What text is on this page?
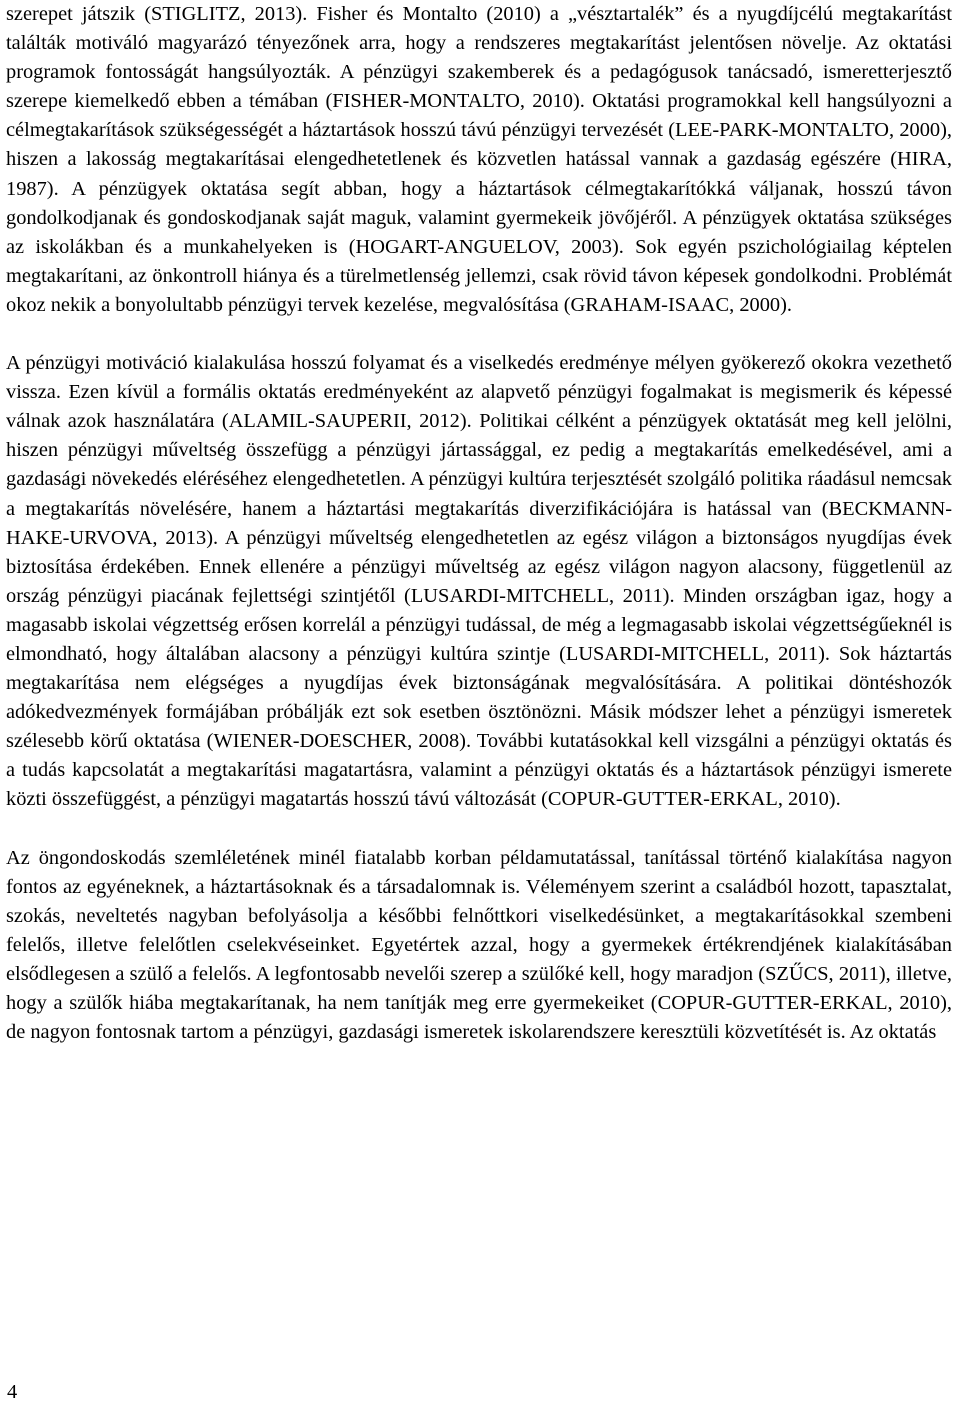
szerepet játszik (STIGLITZ, 2013). Fisher és Montalto (2010) a „vésztartalék” és a nyugdíjcélú megtakarítást találták motiváló magyarázó tényezőnek arra, hogy a rendszeres megtakarítást jelentősen növelje. Az oktatási programok fontosságát hangsúlyozták. A pénzügyi szakemberek és a pedagógusok tanácsadó, ismeretterjesztő szerepe kiemelkedő ebben a témában (FISHER-MONTALTO, 2010). Oktatási programokkal kell hangsúlyozni a célmegtakarítások szükségességét a háztartások hosszú távú pénzügyi tervezését (LEE-PARK-MONTALTO, 2000), hiszen a lakosság megtakarításai elengedhetetlenek és közvetlen hatással vannak a gazdaság egészére (HIRA, 1987). A pénzügyek oktatása segít abban, hogy a háztartások célmegtakarítókká váljanak, hosszú távon gondolkodjanak és gondoskodjanak saját maguk, valamint gyermekeik jövőjéről. A pénzügyek oktatása szükséges az iskolákban és a munkahelyeken is (HOGART-ANGUELOV, 2003). Sok egyén pszichológiailag képtelen megtakarítani, az önkontroll hiánya és a türelmetlenség jellemzi, csak rövid távon képesek gondolkodni. Problémát okoz nekik a bonyolultabb pénzügyi tervek kezelése, megvalósítása (GRAHAM-ISAAC, 2000).

A pénzügyi motiváció kialakulása hosszú folyamat és a viselkedés eredménye mélyen gyökerező okokra vezethető vissza. Ezen kívül a formális oktatás eredményeként az alapvető pénzügyi fogalmakat is megismerik és képessé válnak azok használatára (ALAMIL-SAUPERII, 2012). Politikai célként a pénzügyek oktatását meg kell jelölni, hiszen pénzügyi műveltség összefügg a pénzügyi jártassággal, ez pedig a megtakarítás emelkedésével, ami a gazdasági növekedés eléréséhez elengedhetetlen. A pénzügyi kultúra terjesztését szolgáló politika ráadásul nemcsak a megtakarítás növelésére, hanem a háztartási megtakarítás diverzifikációjára is hatással van (BECKMANN-HAKE-URVOVA, 2013). A pénzügyi műveltség elengedhetetlen az egész világon a biztonságos nyugdíjas évek biztosítása érdekében. Ennek ellenére a pénzügyi műveltség az egész világon nagyon alacsony, függetlenül az ország pénzügyi piacának fejlettségi szintjétől (LUSARDI-MITCHELL, 2011). Minden országban igaz, hogy a magasabb iskolai végzettség erősen korrelál a pénzügyi tudással, de még a legmagasabb iskolai végzettségűeknél is elmondható, hogy általában alacsony a pénzügyi kultúra szintje (LUSARDI-MITCHELL, 2011). Sok háztartás megtakarítása nem elégséges a nyugdíjas évek biztonságának megvalósítására. A politikai döntéshozók adókedvezmények formájában próbálják ezt sok esetben ösztönözni. Másik módszer lehet a pénzügyi ismeretek szélesebb körű oktatása (WIENER-DOESCHER, 2008). További kutatásokkal kell vizsgálni a pénzügyi oktatás és a tudás kapcsolatát a megtakarítási magatartásra, valamint a pénzügyi oktatás és a háztartások pénzügyi ismerete közti összefüggést, a pénzügyi magatartás hosszú távú változását (COPUR-GUTTER-ERKAL, 2010).

Az öngondoskodás szemléletének minél fiatalabb korban példamutatással, tanítással történő kialakítása nagyon fontos az egyéneknek, a háztartásoknak és a társadalomnak is. Véleményem szerint a családból hozott, tapasztalat, szokás, neveltetés nagyban befolyásolja a későbbi felnőttkori viselkedésünket, a megtakarításokkal szembeni felelős, illetve felelőtlen cselekvéseinket. Egyetértek azzal, hogy a gyermekek értékrendjének kialakításában elsődlegesen a szülő a felelős. A legfontosabb nevelői szerep a szülőké kell, hogy maradjon (SZŰCS, 2011), illetve, hogy a szülők hiába megtakarítanak, ha nem tanítják meg erre gyermekeiket (COPUR-GUTTER-ERKAL, 2010), de nagyon fontosnak tartom a pénzügyi, gazdasági ismeretek iskolarendszere keresztüli közvetítését is. Az oktatás

4
